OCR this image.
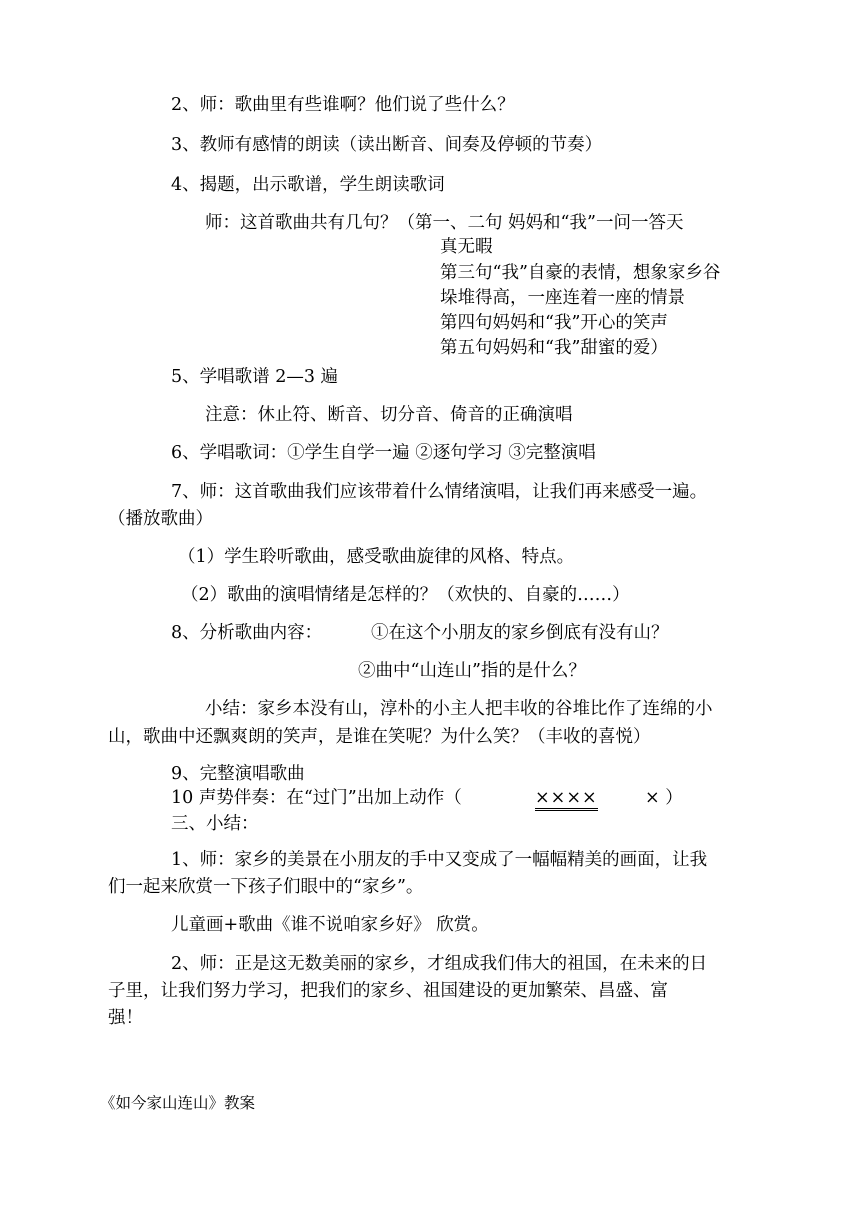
2、师：歌曲里有些谁啊？他们说了些什么？
3、教师有感情的朗读（读出断音、间奏及停顿的节奏）
4、揭题，出示歌谱，学生朗读歌词
师：这首歌曲共有几句？（第一、二句 妈妈和“我”一问一答天
真无暇
第三句“我”自豪的表情，想象家乡谷
垛堆得高，一座连着一座的情景
第四句妈妈和“我”开心的笑声
第五句妈妈和“我”甜蜜的爱）
5、学唱歌谱 2—3 遍
注意：休止符、断音、切分音、倚音的正确演唱
6、学唱歌词：①学生自学一遍 ②逐句学习 ③完整演唱
7、师：这首歌曲我们应该带着什么情绪演唱，让我们再来感受一遍。
（播放歌曲）
（1）学生聆听歌曲，感受歌曲旋律的风格、特点。
（2）歌曲的演唱情绪是怎样的？（欢快的、自豪的……）
8、分析歌曲内容：	①在这个小朋友的家乡倒底有没有山？
②曲中“山连山”指的是什么？
小结：家乡本没有山，淳朴的小主人把丰收的谷堆比作了连绵的小
山，歌曲中还飘爽朗的笑声，是谁在笑呢？为什么笑？（丰收的喜悦）
9、完整演唱歌曲
10 声势伴奏：在“过门”出加上动作（	××××	× ）
三、小结：
1、师：家乡的美景在小朋友的手中又变成了一幅幅精美的画面，让我
们一起来欣赏一下孩子们眼中的“家乡”。
儿童画+歌曲《谁不说咱家乡好》 欣赏。
2、师：正是这无数美丽的家乡，才组成我们伟大的祖国，在未来的日
子里，让我们努力学习，把我们的家乡、祖国建设的更加繁荣、昌盛、富
强！
《如今家山连山》教案
